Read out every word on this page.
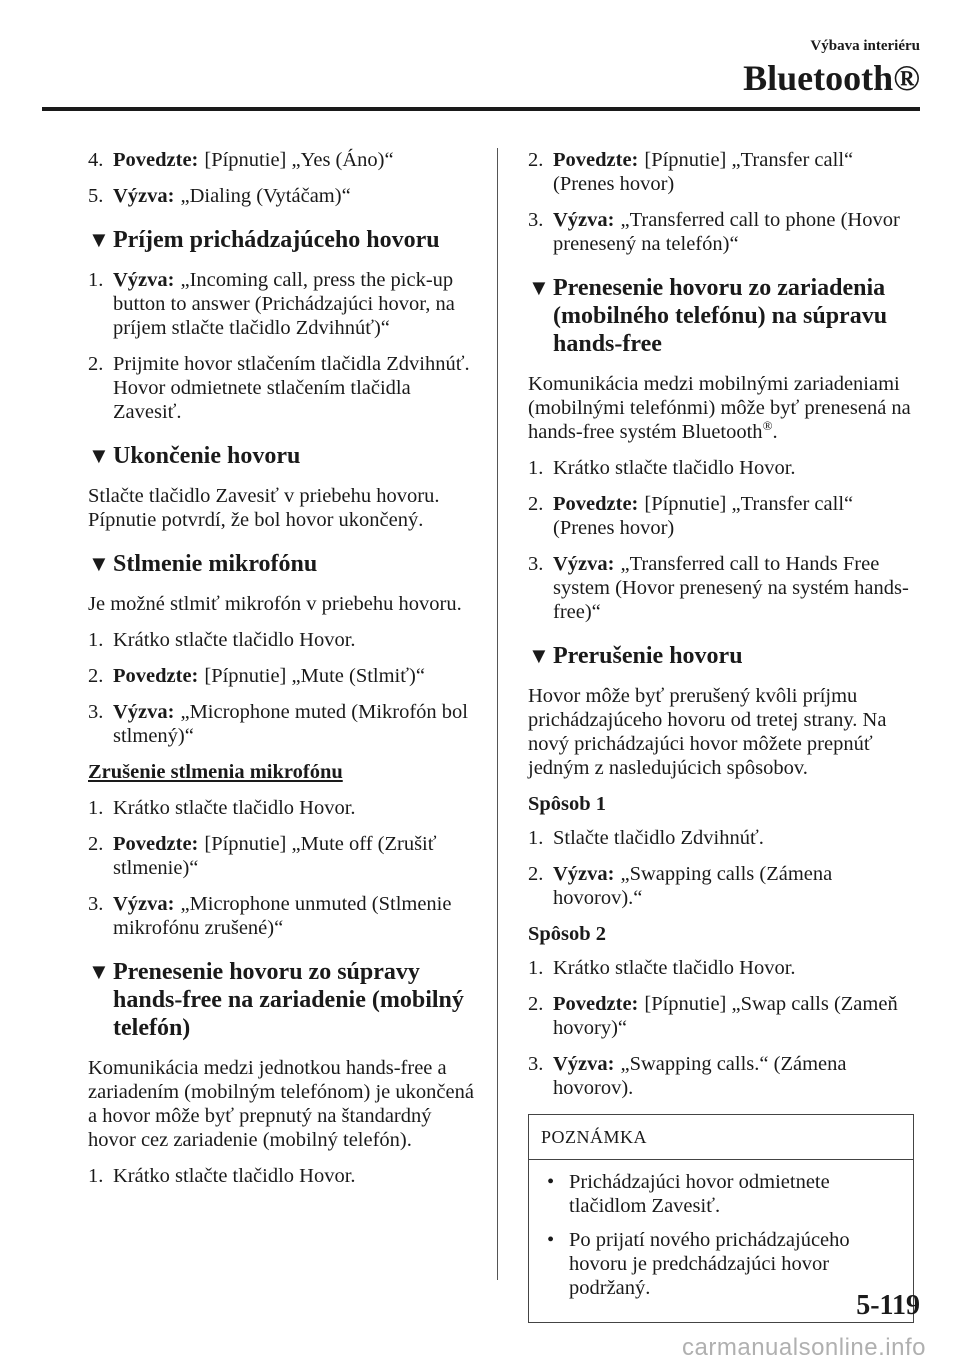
Výbava interiéru
Bluetooth®
4. Povedzte: [Pípnutie] „Yes (Áno)“
5. Výzva: „Dialing (Vytáčam)“
▼ Príjem prichádzajúceho hovoru
1. Výzva: „Incoming call, press the pick-up button to answer (Prichádzajúci hovor, na príjem stlačte tlačidlo Zdvihnúť)“
2. Prijmite hovor stlačením tlačidla Zdvihnúť.
Hovor odmietnete stlačením tlačidla Zavesiť.
▼ Ukončenie hovoru
Stlačte tlačidlo Zavesiť v priebehu hovoru. Pípnutie potvrdí, že bol hovor ukončený.
▼ Stlmenie mikrofónu
Je možné stlmiť mikrofón v priebehu hovoru.
1. Krátko stlačte tlačidlo Hovor.
2. Povedzte: [Pípnutie] „Mute (Stlmiť)“
3. Výzva: „Microphone muted (Mikrofón bol stlmený)“
Zrušenie stlmenia mikrofónu
1. Krátko stlačte tlačidlo Hovor.
2. Povedzte: [Pípnutie] „Mute off (Zrušiť stlmenie)“
3. Výzva: „Microphone unmuted (Stlmenie mikrofónu zrušené)“
▼ Prenesenie hovoru zo súpravy hands-free na zariadenie (mobilný telefón)
Komunikácia medzi jednotkou hands-free a zariadením (mobilným telefónom) je ukončená a hovor môže byť prepnutý na štandardný hovor cez zariadenie (mobilný telefón).
1. Krátko stlačte tlačidlo Hovor.
2. Povedzte: [Pípnutie] „Transfer call“ (Prenes hovor)
3. Výzva: „Transferred call to phone (Hovor prenesený na telefón)“
▼ Prenesenie hovoru zo zariadenia (mobilného telefónu) na súpravu hands-free
Komunikácia medzi mobilnými zariadeniami (mobilnými telefónmi) môže byť prenesená na hands-free systém Bluetooth®.
1. Krátko stlačte tlačidlo Hovor.
2. Povedzte: [Pípnutie] „Transfer call“ (Prenes hovor)
3. Výzva: „Transferred call to Hands Free system (Hovor prenesený na systém hands-free)“
▼ Prerušenie hovoru
Hovor môže byť prerušený kvôli príjmu prichádzajúceho hovoru od tretej strany. Na nový prichádzajúci hovor môžete prepnúť jedným z nasledujúcich spôsobov.
Spôsob 1
1. Stlačte tlačidlo Zdvihnúť.
2. Výzva: „Swapping calls (Zámena hovorov).“
Spôsob 2
1. Krátko stlačte tlačidlo Hovor.
2. Povedzte: [Pípnutie] „Swap calls (Zameň hovory)“
3. Výzva: „Swapping calls.“ (Zámena hovorov).
POZNÁMKA
• Prichádzajúci hovor odmietnete tlačidlom Zavesiť.
• Po prijatí nového prichádzajúceho hovoru je predchádzajúci hovor podržaný.
5-119
carmanualsonline.info
